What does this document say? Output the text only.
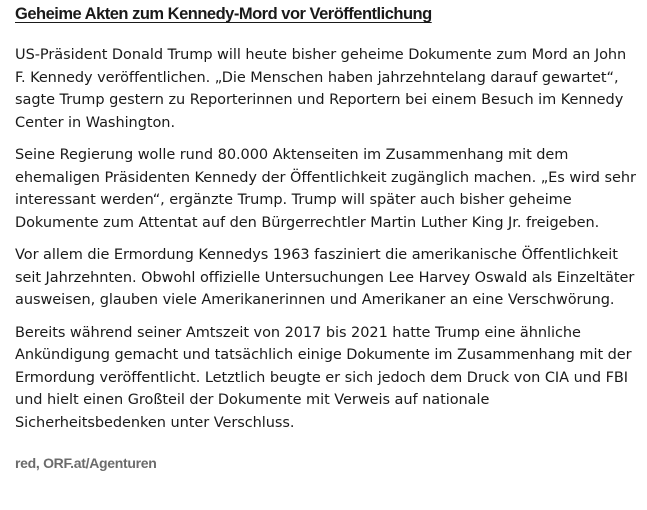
Geheime Akten zum Kennedy-Mord vor Veröffentlichung

US-Präsident Donald Trump will heute bisher geheime Dokumente zum Mord an John F. Kennedy veröffentlichen. „Die Menschen haben jahrzehntelang darauf gewartet“, sagte Trump gestern zu Reporterinnen und Reportern bei einem Besuch im Kennedy Center in Washington.

Seine Regierung wolle rund 80.000 Aktenseiten im Zusammenhang mit dem ehemaligen Präsidenten Kennedy der Öffentlichkeit zugänglich machen. „Es wird sehr interessant werden“, ergänzte Trump. Trump will später auch bisher geheime Dokumente zum Attentat auf den Bürgerrechtler Martin Luther King Jr. freigeben.

Vor allem die Ermordung Kennedys 1963 fasziniert die amerikanische Öffentlichkeit seit Jahrzehnten. Obwohl offizielle Untersuchungen Lee Harvey Oswald als Einzeltäter ausweisen, glauben viele Amerikanerinnen und Amerikaner an eine Verschwörung.

Bereits während seiner Amtszeit von 2017 bis 2021 hatte Trump eine ähnliche Ankündigung gemacht und tatsächlich einige Dokumente im Zusammenhang mit der Ermordung veröffentlicht. Letztlich beugte er sich jedoch dem Druck von CIA und FBI und hielt einen Großteil der Dokumente mit Verweis auf nationale Sicherheitsbedenken unter Verschluss.

red, ORF.at/Agenturen
